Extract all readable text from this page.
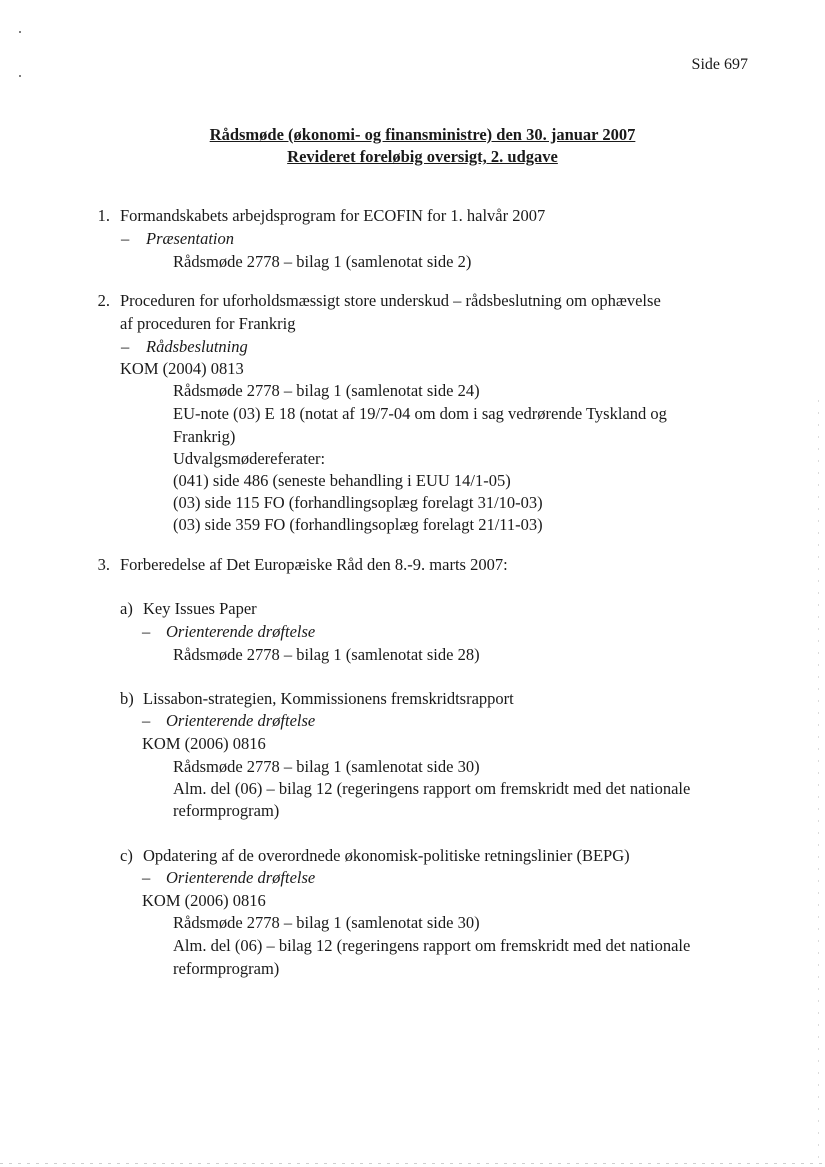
Side 697
Rådsmøde (økonomi- og finansministre) den 30. januar 2007
Revideret foreløbig oversigt, 2. udgave
1. Formandskabets arbejdsprogram for ECOFIN for 1. halvår 2007
– Præsentation
Rådsmøde 2778 – bilag 1 (samlenotat side 2)
2. Proceduren for uforholdsmæssigt store underskud – rådsbeslutning om ophævelse
af proceduren for Frankrig
– Rådsbeslutning
KOM (2004) 0813
Rådsmøde 2778 – bilag 1 (samlenotat side 24)
EU-note (03) E 18 (notat af 19/7-04 om dom i sag vedrørende Tyskland og
Frankrig)
Udvalgsmødereferater:
(041) side 486 (seneste behandling i EUU 14/1-05)
(03) side 115 FO (forhandlingsoplæg forelagt 31/10-03)
(03) side 359 FO (forhandlingsoplæg forelagt 21/11-03)
3. Forberedelse af Det Europæiske Råd den 8.-9. marts 2007:
a) Key Issues Paper
– Orienterende drøftelse
Rådsmøde 2778 – bilag 1 (samlenotat side 28)
b) Lissabon-strategien, Kommissionens fremskridtsrapport
– Orienterende drøftelse
KOM (2006) 0816
Rådsmøde 2778 – bilag 1 (samlenotat side 30)
Alm. del (06) – bilag 12 (regeringens rapport om fremskridt med det nationale
reformprogram)
c) Opdatering af de overordnede økonomisk-politiske retningslinier (BEPG)
– Orienterende drøftelse
KOM (2006) 0816
Rådsmøde 2778 – bilag 1 (samlenotat side 30)
Alm. del (06) – bilag 12 (regeringens rapport om fremskridt med det nationale
reformprogram)
